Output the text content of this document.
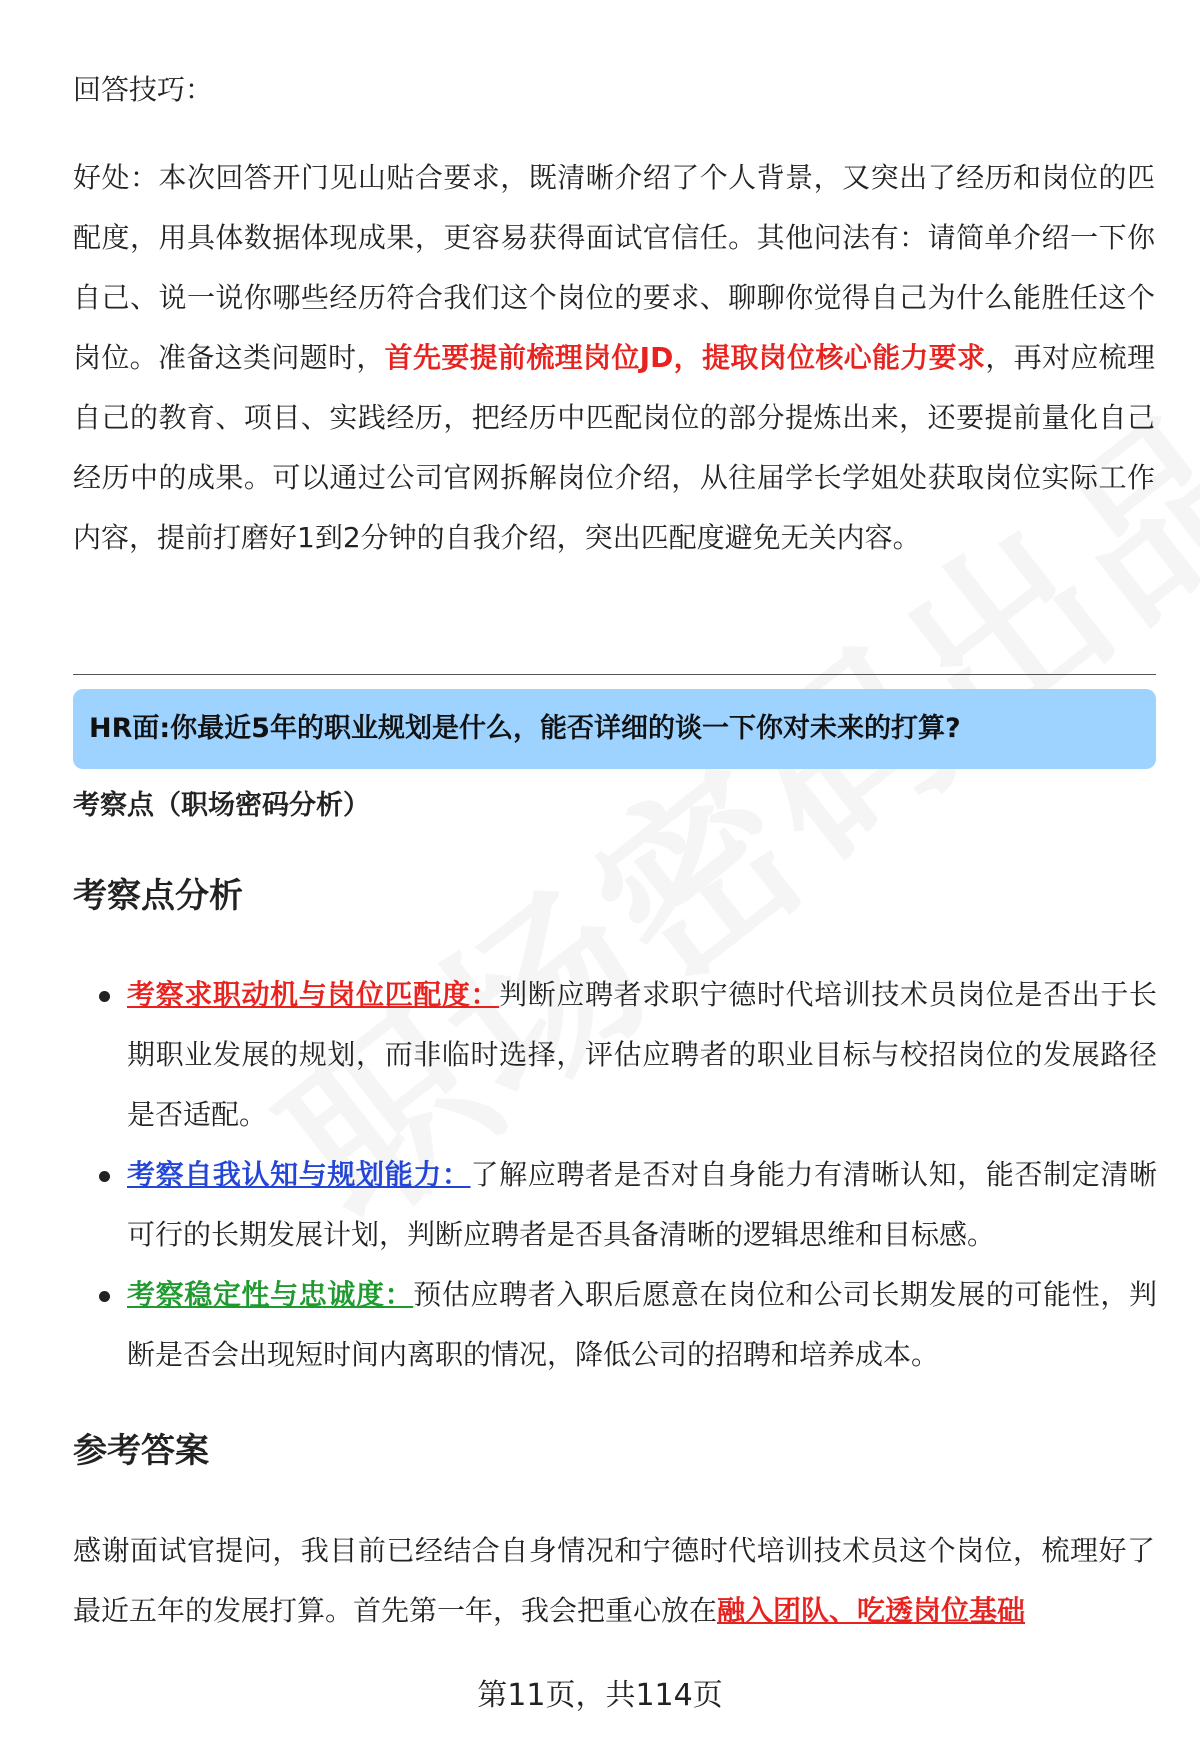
回答技巧：
好处：本次回答开门见山贴合要求，既清晰介绍了个人背景，又突出了经历和岗位的匹配度，用具体数据体现成果，更容易获得面试官信任。其他问法有：请简单介绍一下你自己、说一说你哪些经历符合我们这个岗位的要求、聊聊你觉得自己为什么能胜任这个岗位。准备这类问题时，首先要提前梳理岗位JD，提取岗位核心能力要求，再对应梳理自己的教育、项目、实践经历，把经历中匹配岗位的部分提炼出来，还要提前量化自己经历中的成果。可以通过公司官网拆解岗位介绍，从往届学长学姐处获取岗位实际工作内容，提前打磨好1到2分钟的自我介绍，突出匹配度避免无关内容。
HR面:你最近5年的职业规划是什么，能否详细的谈一下你对未来的打算?
考察点（职场密码分析）
考察点分析
考察求职动机与岗位匹配度：判断应聘者求职宁德时代培训技术员岗位是否出于长期职业发展的规划，而非临时选择，评估应聘者的职业目标与校招岗位的发展路径是否适配。
考察自我认知与规划能力：了解应聘者是否对自身能力有清晰认知，能否制定清晰可行的长期发展计划，判断应聘者是否具备清晰的逻辑思维和目标感。
考察稳定性与忠诚度：预估应聘者入职后愿意在岗位和公司长期发展的可能性，判断是否会出现短时间内离职的情况，降低公司的招聘和培养成本。
参考答案
感谢面试官提问，我目前已经结合自身情况和宁德时代培训技术员这个岗位，梳理好了最近五年的发展打算。首先第一年，我会把重心放在融入团队、吃透岗位基础
第11页，共114页
